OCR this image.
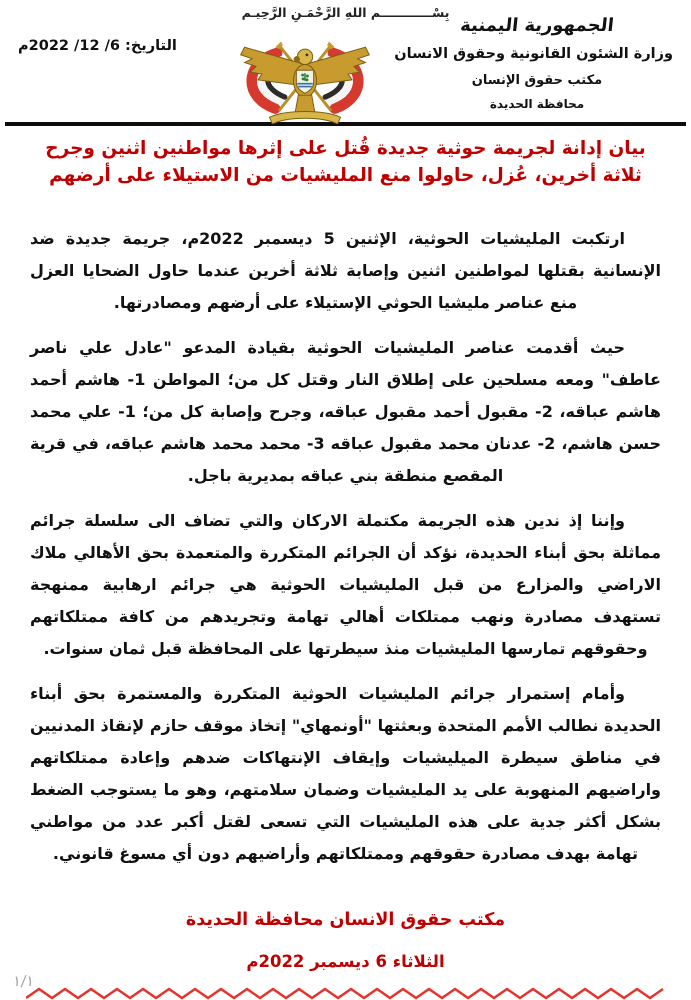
بِسْــــــــــــم اللهِ الرَّحْمَـنِ الرَّحِيـم
الجمهورية اليمنية
وزارة الشئون القانونية وحقوق الانسان
مكتب حقوق الإنسان
محافظة الحديدة
التاريخ: 6/ 12/ 2022م
بيان إدانة لجريمة حوثية جديدة قُتل على إثرها مواطنين اثنين وجرح
ثلاثة أخرين، عُزل، حاولوا منع المليشيات من الاستيلاء على أرضهم

ارتكبت المليشيات الحوثية، الإثنين 5 ديسمبر 2022م، جريمة جديدة ضد الإنسانية بقتلها لمواطنين اثنين وإصابة ثلاثة أخرين عندما حاول الضحايا العزل منع عناصر مليشيا الحوثي الإستيلاء على أرضهم ومصادرتها.

حيث أقدمت عناصر المليشيات الحوثية بقيادة المدعو "عادل علي ناصر عاطف" ومعه مسلحين على إطلاق النار وقتل كل من؛ المواطن 1- هاشم أحمد هاشم عباقه، 2- مقبول أحمد مقبول عباقه، وجرح وإصابة كل من؛ 1- علي محمد حسن هاشم، 2- عدنان محمد مقبول عباقه 3- محمد محمد هاشم عباقه، في قرية المقصع منطقة بني عباقه بمديرية باجل.

وإننا إذ ندين هذه الجريمة مكتملة الاركان والتي تضاف الى سلسلة جرائم مماثلة بحق أبناء الحديدة، نؤكد أن الجرائم المتكررة والمتعمدة بحق الأهالي ملاك الاراضي والمزارع من قبل المليشيات الحوثية هي جرائم ارهابية ممنهجة تستهدف مصادرة ونهب ممتلكات أهالي تهامة وتجريدهم من كافة ممتلكاتهم وحقوقهم تمارسها المليشيات منذ سيطرتها على المحافظة قبل ثمان سنوات.

وأمام إستمرار جرائم المليشيات الحوثية المتكررة والمستمرة بحق أبناء الحديدة نطالب الأمم المتحدة وبعثتها "أونمهاي" إتخاذ موقف حازم لإنقاذ المدنيين في مناطق سيطرة الميليشيات وإيقاف الإنتهاكات ضدهم وإعادة ممتلكاتهم واراضيهم المنهوبة على يد المليشيات وضمان سلامتهم، وهو ما يستوجب الضغط بشكل أكثر جدية على هذه المليشيات التي تسعى لقتل أكبر عدد من مواطني تهامة بهدف مصادرة حقوقهم وممتلكاتهم وأراضيهم دون أي مسوغ قانوني.

مكتب حقوق الانسان محافظة الحديدة
الثلاثاء 6 ديسمبر 2022م
١/١
